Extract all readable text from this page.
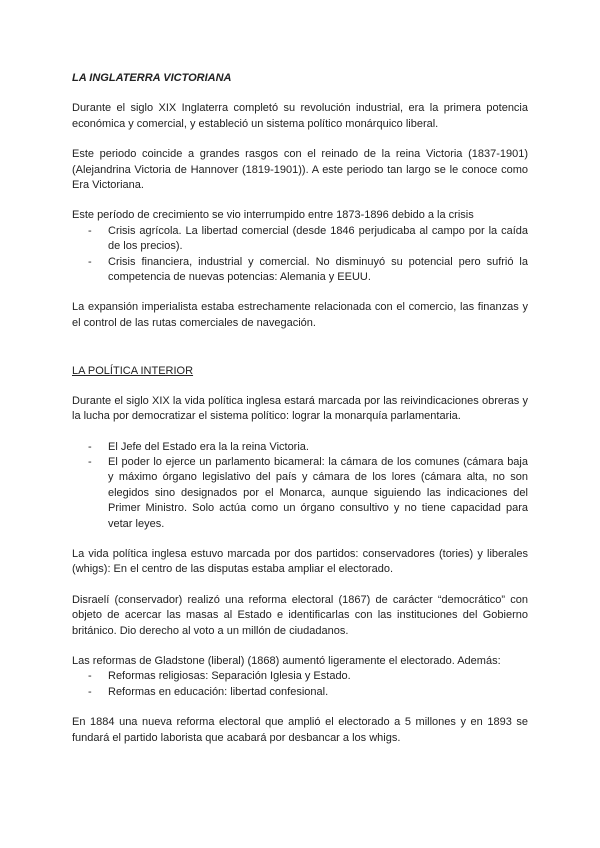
LA INGLATERRA VICTORIANA

Durante el siglo XIX Inglaterra completó su revolución industrial, era la primera potencia económica y comercial, y estableció un sistema político monárquico liberal.

Este periodo coincide a grandes rasgos con el reinado de la reina Victoria (1837-1901) (Alejandrina Victoria de Hannover (1819-1901)). A este periodo tan largo se le conoce como Era Victoriana.

Este período de crecimiento se vio interrumpido entre 1873-1896 debido a la crisis

- Crisis agrícola. La libertad comercial (desde 1846 perjudicaba al campo por la caída de los precios).
- Crisis financiera, industrial y comercial. No disminuyó su potencial pero sufrió la competencia de nuevas potencias: Alemania y EEUU.

La expansión imperialista estaba estrechamente relacionada con el comercio, las finanzas y el control de las rutas comerciales de navegación.

LA POLÍTICA INTERIOR

Durante el siglo XIX la vida política inglesa estará marcada por las reivindicaciones obreras y la lucha por democratizar el sistema político: lograr la monarquía parlamentaria.

- El Jefe del Estado era la la reina Victoria.
- El poder lo ejerce un parlamento bicameral: la cámara de los comunes (cámara baja y máximo órgano legislativo del país y cámara de los lores (cámara alta, no son elegidos sino designados por el Monarca, aunque siguiendo las indicaciones del Primer Ministro. Solo actúa como un órgano consultivo y no tiene capacidad para vetar leyes.

La vida política inglesa estuvo marcada por dos partidos: conservadores (tories) y liberales (whigs): En el centro de las disputas estaba ampliar el electorado.

Disraelí (conservador) realizó una reforma electoral (1867) de carácter “democrático” con objeto de acercar las masas al Estado e identificarlas con las instituciones del Gobierno británico. Dio derecho al voto a un millón de ciudadanos.

Las reformas de Gladstone (liberal) (1868) aumentó ligeramente el electorado. Además:

- Reformas religiosas: Separación Iglesia y Estado.
- Reformas en educación: libertad confesional.

En 1884 una nueva reforma electoral que amplió el electorado a 5 millones y en 1893 se fundará el partido laborista que acabará por desbancar a los whigs.
